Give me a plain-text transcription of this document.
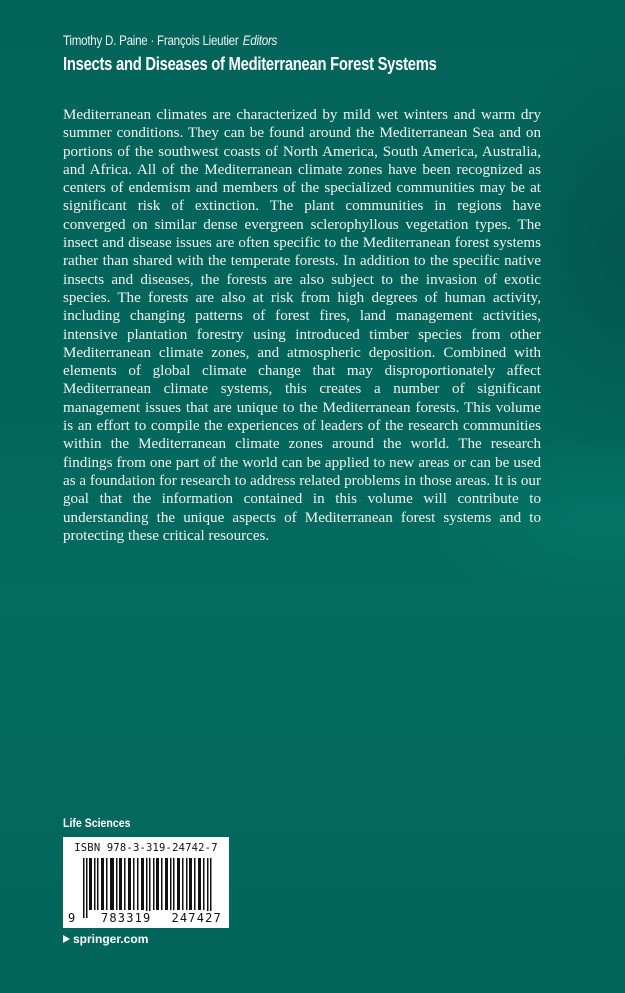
Timothy D. Paine · François Lieutier Editors
Insects and Diseases of Mediterranean Forest Systems

Mediterranean climates are characterized by mild wet winters and warm dry summer conditions. They can be found around the Mediterranean Sea and on portions of the southwest coasts of North America, South America, Australia, and Africa. All of the Mediterranean climate zones have been recognized as centers of endemism and members of the specialized communities may be at significant risk of extinction. The plant communities in regions have converged on similar dense evergreen sclerophyllous vegetation types. The insect and disease issues are often specific to the Mediterranean forest systems rather than shared with the temperate forests. In addition to the specific native insects and diseases, the forests are also subject to the invasion of exotic species. The forests are also at risk from high degrees of human activity, including changing patterns of forest fires, land management activities, intensive plantation forestry using introduced timber species from other Mediterranean climate zones, and atmospheric deposition. Combined with elements of global climate change that may disproportionately affect Mediterranean climate systems, this creates a number of significant management issues that are unique to the Mediterranean forests. This volume is an effort to compile the experiences of leaders of the research communities within the Mediterranean climate zones around the world. The research findings from one part of the world can be applied to new areas or can be used as a foundation for research to address related problems in those areas. It is our goal that the information contained in this volume will contribute to understanding the unique aspects of Mediterranean forest systems and to protecting these critical resources.

Life Sciences
ISBN 978-3-319-24742-7
9	783319 247427
springer.com
